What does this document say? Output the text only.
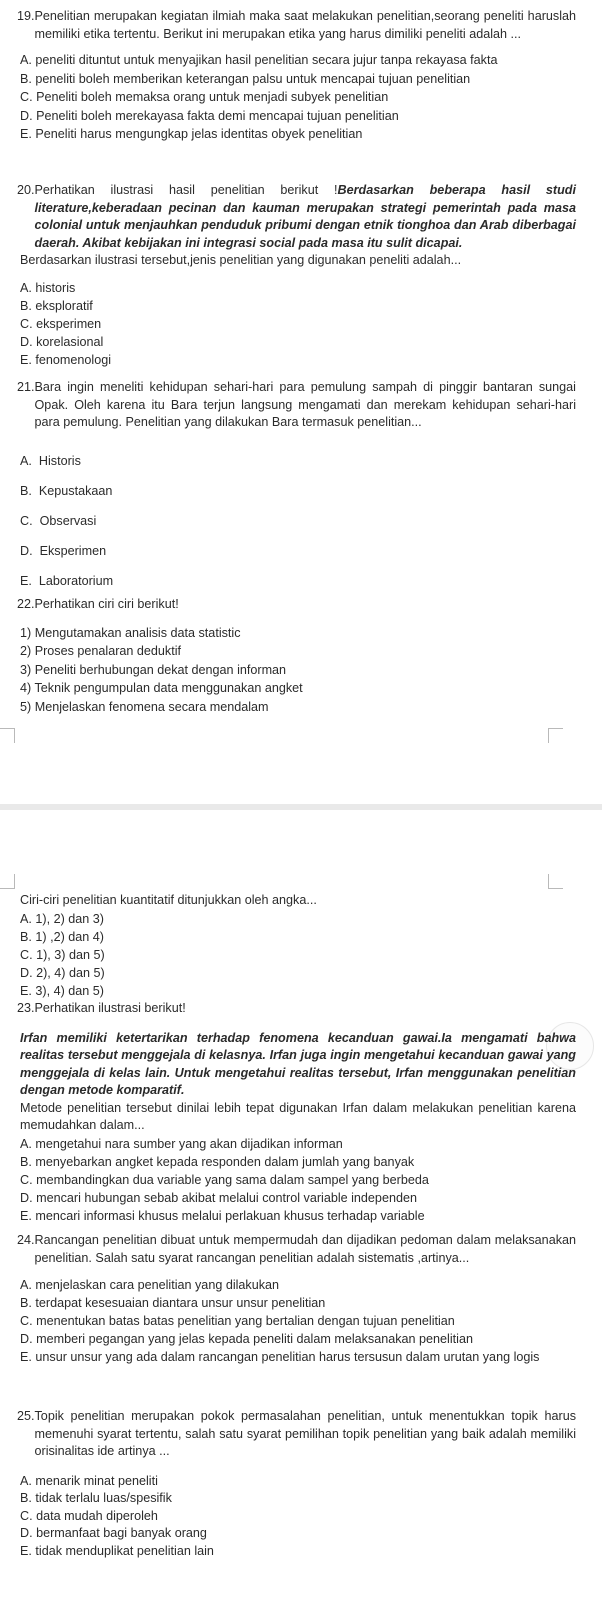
19. Penelitian merupakan kegiatan ilmiah maka saat melakukan penelitian,seorang peneliti haruslah memiliki etika tertentu. Berikut ini merupakan etika yang harus dimiliki peneliti adalah ...
A. peneliti dituntut untuk menyajikan hasil penelitian secara jujur tanpa rekayasa fakta
B. peneliti boleh memberikan keterangan palsu untuk mencapai tujuan penelitian
C. Peneliti boleh memaksa orang untuk menjadi subyek penelitian
D. Peneliti boleh merekayasa fakta demi mencapai tujuan penelitian
E. Peneliti harus mengungkap jelas identitas obyek penelitian
20. Perhatikan ilustrasi hasil penelitian berikut !Berdasarkan beberapa hasil studi literature,keberadaan pecinan dan kauman merupakan strategi pemerintah pada masa colonial untuk menjauhkan penduduk pribumi dengan etnik tionghoa dan Arab diberbagai daerah. Akibat kebijakan ini integrasi social pada masa itu sulit dicapai.
Berdasarkan ilustrasi tersebut,jenis penelitian yang digunakan peneliti adalah...
A. historis
B. eksploratif
C. eksperimen
D. korelasional
E. fenomenologi
21. Bara ingin meneliti kehidupan sehari-hari para pemulung sampah di pinggir bantaran sungai Opak. Oleh karena itu Bara terjun langsung mengamati dan merekam kehidupan sehari-hari para pemulung. Penelitian yang dilakukan Bara termasuk penelitian...
A.  Historis
B.  Kepustakaan
C.  Observasi
D.  Eksperimen
E.  Laboratorium
22. Perhatikan ciri ciri berikut!
1) Mengutamakan analisis data statistic
2) Proses penalaran deduktif
3) Peneliti berhubungan dekat dengan informan
4) Teknik pengumpulan data menggunakan angket
5) Menjelaskan fenomena secara mendalam
Ciri-ciri penelitian kuantitatif ditunjukkan oleh angka...
A. 1), 2) dan 3)
B. 1) ,2) dan 4)
C. 1), 3) dan 5)
D. 2), 4) dan 5)
E. 3), 4) dan 5)
23. Perhatikan ilustrasi berikut!
Irfan memiliki ketertarikan terhadap fenomena kecanduan gawai.Ia mengamati bahwa realitas tersebut menggejala di kelasnya. Irfan juga ingin mengetahui kecanduan gawai yang menggejala di kelas lain. Untuk mengetahui realitas tersebut, Irfan menggunakan penelitian dengan metode komparatif.
Metode penelitian tersebut dinilai lebih tepat digunakan Irfan dalam melakukan penelitian karena memudahkan dalam...
A. mengetahui nara sumber yang akan dijadikan informan
B. menyebarkan angket kepada responden dalam jumlah yang banyak
C. membandingkan dua variable yang sama dalam sampel yang berbeda
D. mencari hubungan sebab akibat melalui control variable independen
E. mencari informasi khusus melalui perlakuan khusus terhadap variable
24. Rancangan penelitian dibuat untuk mempermudah dan dijadikan pedoman dalam melaksanakan penelitian. Salah satu syarat rancangan penelitian adalah sistematis ,artinya...
A. menjelaskan cara penelitian yang dilakukan
B. terdapat kesesuaian diantara unsur unsur penelitian
C. menentukan batas batas penelitian yang bertalian dengan tujuan penelitian
D. memberi pegangan yang jelas kepada peneliti dalam melaksanakan penelitian
E. unsur unsur yang ada dalam rancangan penelitian harus tersusun dalam urutan yang logis
25. Topik penelitian merupakan pokok permasalahan penelitian, untuk menentukkan topik harus memenuhi syarat tertentu, salah satu syarat pemilihan topik penelitian yang baik adalah memiliki orisinalitas ide artinya ...
A. menarik minat peneliti
B. tidak terlalu luas/spesifik
C. data mudah diperoleh
D. bermanfaat bagi banyak orang
E. tidak menduplikat penelitian lain
